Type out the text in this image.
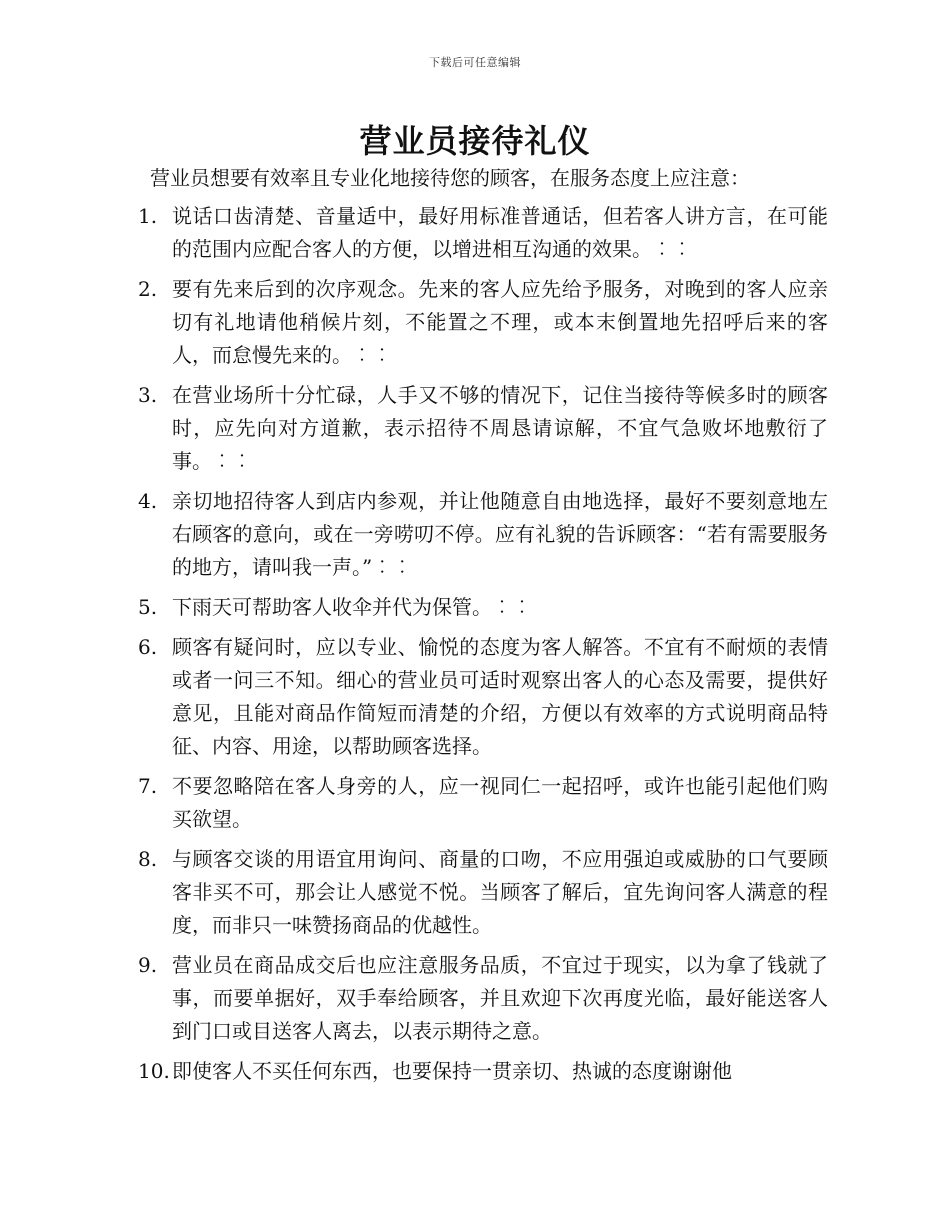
下载后可任意编辑
营业员接待礼仪

营业员想要有效率且专业化地接待您的顾客，在服务态度上应注意：

1. 说话口齿清楚、音量适中，最好用标准普通话，但若客人讲方言，在可能的范围内应配合客人的方便，以增进相互沟通的效果。︰︰
2. 要有先来后到的次序观念。先来的客人应先给予服务，对晚到的客人应亲切有礼地请他稍候片刻，不能置之不理，或本末倒置地先招呼后来的客人，而怠慢先来的。︰︰
3. 在营业场所十分忙碌，人手又不够的情况下，记住当接待等候多时的顾客时，应先向对方道歉，表示招待不周恳请谅解，不宜气急败坏地敷衍了事。︰︰
4. 亲切地招待客人到店内参观，并让他随意自由地选择，最好不要刻意地左右顾客的意向，或在一旁唠叨不停。应有礼貌的告诉顾客：“若有需要服务的地方，请叫我一声。”︰︰
5. 下雨天可帮助客人收伞并代为保管。︰︰
6. 顾客有疑问时，应以专业、愉悦的态度为客人解答。不宜有不耐烦的表情或者一问三不知。细心的营业员可适时观察出客人的心态及需要，提供好意见，且能对商品作简短而清楚的介绍，方便以有效率的方式说明商品特征、内容、用途，以帮助顾客选择。
7. 不要忽略陪在客人身旁的人，应一视同仁一起招呼，或许也能引起他们购买欲望。
8. 与顾客交谈的用语宜用询问、商量的口吻，不应用强迫或威胁的口气要顾客非买不可，那会让人感觉不悦。当顾客了解后，宜先询问客人满意的程度，而非只一味赞扬商品的优越性。
9. 营业员在商品成交后也应注意服务品质，不宜过于现实，以为拿了钱就了事，而要单据好，双手奉给顾客，并且欢迎下次再度光临，最好能送客人到门口或目送客人离去，以表示期待之意。
10. 即使客人不买任何东西，也要保持一贯亲切、热诚的态度谢谢他
